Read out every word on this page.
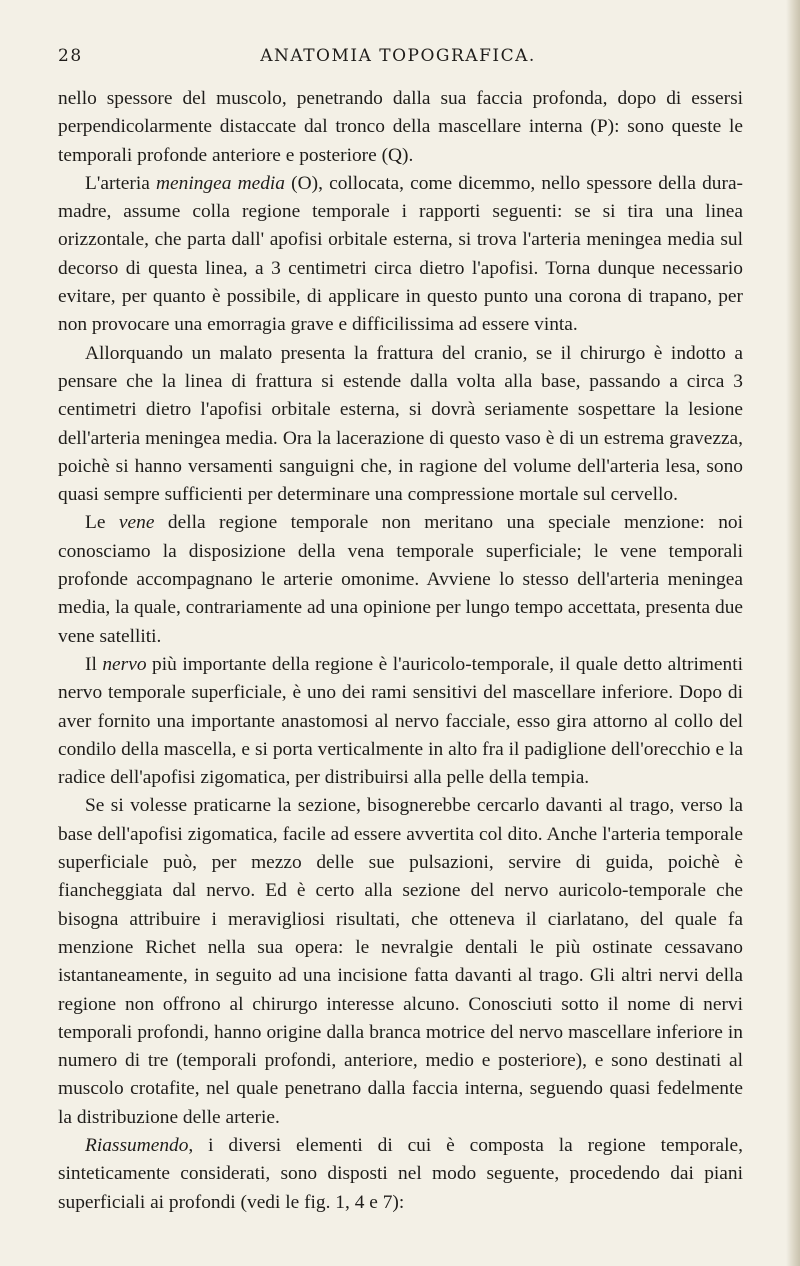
ANATOMIA TOPOGRAFICA.
28

nello spessore del muscolo, penetrando dalla sua faccia profonda, dopo di essersi perpendicolarmente distaccate dal tronco della mascellare interna (P): sono queste le temporali profonde anteriore e posteriore (Q).

L'arteria meningea media (O), collocata, come dicemmo, nello spessore della dura-madre, assume colla regione temporale i rapporti seguenti: se si tira una linea orizzontale, che parta dall' apofisi orbitale esterna, si trova l'arteria meningea media sul decorso di questa linea, a 3 centimetri circa dietro l'apofisi. Torna dunque necessario evitare, per quanto è possibile, di applicare in questo punto una corona di trapano, per non provocare una emorragia grave e difficilissima ad essere vinta.

Allorquando un malato presenta la frattura del cranio, se il chirurgo è indotto a pensare che la linea di frattura si estende dalla volta alla base, passando a circa 3 centimetri dietro l'apofisi orbitale esterna, si dovrà seriamente sospettare la lesione dell'arteria meningea media. Ora la lacerazione di questo vaso è di un estrema gravezza, poichè si hanno versamenti sanguigni che, in ragione del volume dell'arteria lesa, sono quasi sempre sufficienti per determinare una compressione mortale sul cervello.

Le vene della regione temporale non meritano una speciale menzione: noi conosciamo la disposizione della vena temporale superficiale; le vene temporali profonde accompagnano le arterie omonime. Avviene lo stesso dell'arteria meningea media, la quale, contrariamente ad una opinione per lungo tempo accettata, presenta due vene satelliti.

Il nervo più importante della regione è l'auricolo-temporale, il quale detto altrimenti nervo temporale superficiale, è uno dei rami sensitivi del mascellare inferiore. Dopo di aver fornito una importante anastomosi al nervo facciale, esso gira attorno al collo del condilo della mascella, e si porta verticalmente in alto fra il padiglione dell'orecchio e la radice dell'apofisi zigomatica, per distribuirsi alla pelle della tempia.

Se si volesse praticarne la sezione, bisognerebbe cercarlo davanti al trago, verso la base dell'apofisi zigomatica, facile ad essere avvertita col dito. Anche l'arteria temporale superficiale può, per mezzo delle sue pulsazioni, servire di guida, poichè è fiancheggiata dal nervo. Ed è certo alla sezione del nervo auricolo-temporale che bisogna attribuire i meravigliosi risultati, che otteneva il ciarlatano, del quale fa menzione Richet nella sua opera: le nevralgie dentali le più ostinate cessavano istantaneamente, in seguito ad una incisione fatta davanti al trago. Gli altri nervi della regione non offrono al chirurgo interesse alcuno. Conosciuti sotto il nome di nervi temporali profondi, hanno origine dalla branca motrice del nervo mascellare inferiore in numero di tre (temporali profondi, anteriore, medio e posteriore), e sono destinati al muscolo crotafite, nel quale penetrano dalla faccia interna, seguendo quasi fedelmente la distribuzione delle arterie.

Riassumendo, i diversi elementi di cui è composta la regione temporale, sinteticamente considerati, sono disposti nel modo seguente, procedendo dai piani superficiali ai profondi (vedi le fig. 1, 4 e 7):
